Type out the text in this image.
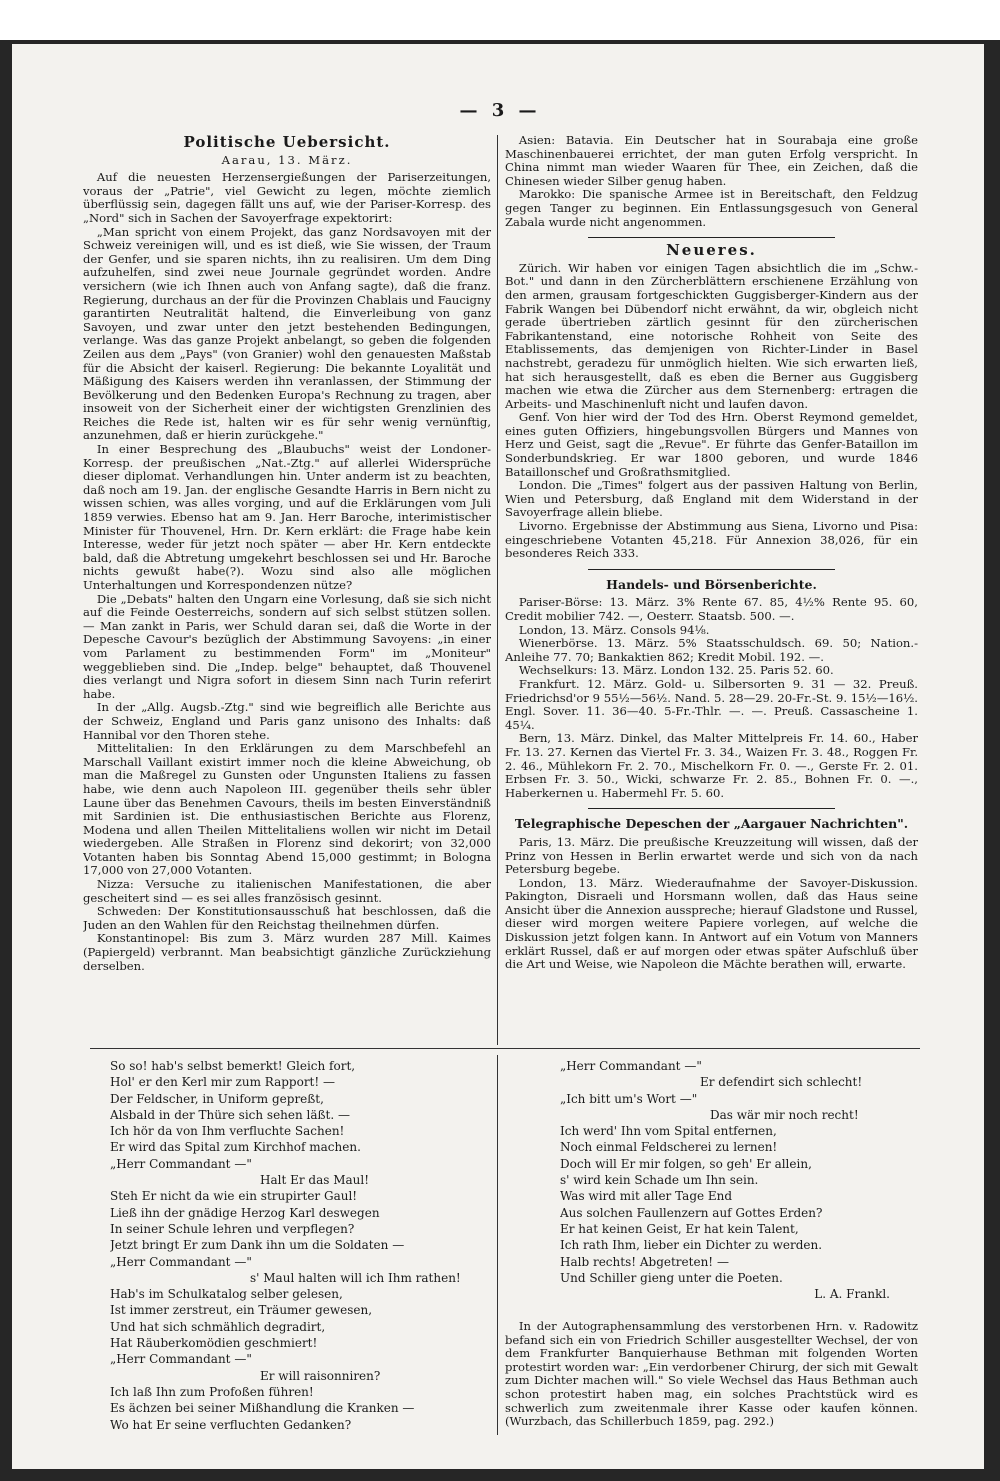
— 3 —
Politische Uebersicht.
Aarau, 13. März.

Auf die neuesten Herzensergießungen der Pariserzeitungen, voraus der „Patrie", viel Gewicht zu legen, möchte ziemlich überflüssig sein, dagegen fällt uns auf, wie der Pariser-Korresp. des „Nord" sich in Sachen der Savoyerfrage expektorirt:

„Man spricht von einem Projekt, das ganz Nordsavoyen mit der Schweiz vereinigen will, und es ist dieß, wie Sie wissen, der Traum der Genfer, und sie sparen nichts, ihn zu realisiren. Um dem Ding aufzuhelfen, sind zwei neue Journale gegründet worden. Andre versichern (wie ich Ihnen auch von Anfang sagte), daß die franz. Regierung, durchaus an der für die Provinzen Chablais und Faucigny garantirten Neutralität haltend, die Einverleibung von ganz Savoyen, und zwar unter den jetzt bestehenden Bedingungen, verlange. Was das ganze Projekt anbelangt, so geben die folgenden Zeilen aus dem „Pays" (von Granier) wohl den genauesten Maßstab für die Absicht der kaiserl. Regierung: Die bekannte Loyalität und Mäßigung des Kaisers werden ihn veranlassen, der Stimmung der Bevölkerung und den Bedenken Europa's Rechnung zu tragen, aber insoweit von der Sicherheit einer der wichtigsten Grenzlinien des Reiches die Rede ist, halten wir es für sehr wenig vernünftig, anzunehmen, daß er hierin zurückgehe."

In einer Besprechung des „Blaubuchs" weist der Londoner-Korresp. der preußischen „Nat.-Ztg." auf allerlei Widersprüche dieser diplomat. Verhandlungen hin. Unter anderm ist zu beachten, daß noch am 19. Jan. der englische Gesandte Harris in Bern nicht zu wissen schien, was alles vorging, und auf die Erklärungen vom Juli 1859 verwies. Ebenso hat am 9. Jan. Herr Baroche, interimistischer Minister für Thouvenel, Hrn. Dr. Kern erklärt: die Frage habe kein Interesse, weder für jetzt noch später — aber Hr. Kern entdeckte bald, daß die Abtretung umgekehrt beschlossen sei und Hr. Baroche nichts gewußt habe(?). Wozu sind also alle möglichen Unterhaltungen und Korrespondenzen nütze?

Die „Debats" halten den Ungarn eine Vorlesung, daß sie sich nicht auf die Feinde Oesterreichs, sondern auf sich selbst stützen sollen. — Man zankt in Paris, wer Schuld daran sei, daß die Worte in der Depesche Cavour's bezüglich der Abstimmung Savoyens: „in einer vom Parlament zu bestimmenden Form" im „Moniteur" weggeblieben sind. Die „Indep. belge" behauptet, daß Thouvenel dies verlangt und Nigra sofort in diesem Sinn nach Turin referirt habe.

In der „Allg. Augsb.-Ztg." sind wie begreiflich alle Berichte aus der Schweiz, England und Paris ganz unisono des Inhalts: daß Hannibal vor den Thoren stehe.

Mittelitalien: In den Erklärungen zu dem Marschbefehl an Marschall Vaillant existirt immer noch die kleine Abweichung, ob man die Maßregel zu Gunsten oder Ungunsten Italiens zu fassen habe, wie denn auch Napoleon III. gegenüber theils sehr übler Laune über das Benehmen Cavours, theils im besten Einverständniß mit Sardinien ist. Die enthusiastischen Berichte aus Florenz, Modena und allen Theilen Mittelitaliens wollen wir nicht im Detail wiedergeben. Alle Straßen in Florenz sind dekorirt; von 32,000 Votanten haben bis Sonntag Abend 15,000 gestimmt; in Bologna 17,000 von 27,000 Votanten.

Nizza: Versuche zu italienischen Manifestationen, die aber gescheitert sind — es sei alles französisch gesinnt.

Schweden: Der Konstitutionsausschuß hat beschlossen, daß die Juden an den Wahlen für den Reichstag theilnehmen dürfen.

Konstantinopel: Bis zum 3. März wurden 287 Mill. Kaimes (Papiergeld) verbrannt. Man beabsichtigt gänzliche Zurückziehung derselben.

Asien: Batavia. Ein Deutscher hat in Sourabaja eine große Maschinenbauerei errichtet, der man guten Erfolg verspricht. In China nimmt man wieder Waaren für Thee, ein Zeichen, daß die Chinesen wieder Silber genug haben.

Marokko: Die spanische Armee ist in Bereitschaft, den Feldzug gegen Tanger zu beginnen. Ein Entlassungsgesuch von General Zabala wurde nicht angenommen.

Neueres.

Zürich. Wir haben vor einigen Tagen absichtlich die im „Schw.-Bot." und dann in den Zürcherblättern erschienene Erzählung von den armen, grausam fortgeschickten Guggisberger-Kindern aus der Fabrik Wangen bei Dübendorf nicht erwähnt, da wir, obgleich nicht gerade übertrieben zärtlich gesinnt für den zürcherischen Fabrikantenstand, eine notorische Rohheit von Seite des Etablissements, das demjenigen von Richter-Linder in Basel nachstrebt, geradezu für unmöglich hielten. Wie sich erwarten ließ, hat sich herausgestellt, daß es eben die Berner aus Guggisberg machen wie etwa die Zürcher aus dem Sternenberg: ertragen die Arbeits- und Maschinenluft nicht und laufen davon.

Genf. Von hier wird der Tod des Hrn. Oberst Reymond gemeldet, eines guten Offiziers, hingebungsvollen Bürgers und Mannes von Herz und Geist, sagt die „Revue". Er führte das Genfer-Bataillon im Sonderbundskrieg. Er war 1800 geboren, und wurde 1846 Bataillonschef und Großrathsmitglied.

London. Die „Times" folgert aus der passiven Haltung von Berlin, Wien und Petersburg, daß England mit dem Widerstand in der Savoyerfrage allein bliebe.

Livorno. Ergebnisse der Abstimmung aus Siena, Livorno und Pisa: eingeschriebene Votanten 45,218. Für Annexion 38,026, für ein besonderes Reich 333.

Handels- und Börsenberichte.

Pariser-Börse: 13. März. 3% Rente 67. 85, 4½% Rente 95. 60, Credit mobilier 742. —, Oesterr. Staatsb. 500. —.

London, 13. März. Consols 94⅛.

Wienerbörse. 13. März. 5% Staatsschuldsch. 69. 50; Nation.-Anleihe 77. 70; Bankaktien 862; Kredit Mobil. 192. —.

Wechselkurs: 13. März. London 132. 25. Paris 52. 60.

Frankfurt. 12. März. Gold- u. Silbersorten 9. 31 — 32. Preuß. Friedrichsd'or 9 55½—56½. Nand. 5. 28—29. 20-Fr.-St. 9. 15½—16½. Engl. Sover. 11. 36—40. 5-Fr.-Thlr. —. —. Preuß. Cassascheine 1. 45¼.

Bern, 13. März. Dinkel, das Malter Mittelpreis Fr. 14. 60., Haber Fr. 13. 27. Kernen das Viertel Fr. 3. 34., Waizen Fr. 3. 48., Roggen Fr. 2. 46., Mühlekorn Fr. 2. 70., Mischelkorn Fr. 0. —., Gerste Fr. 2. 01. Erbsen Fr. 3. 50., Wicki, schwarze Fr. 2. 85., Bohnen Fr. 0. —., Haberkernen u. Habermehl Fr. 5. 60.

Telegraphische Depeschen der „Aargauer Nachrichten".

Paris, 13. März. Die preußische Kreuzzeitung will wissen, daß der Prinz von Hessen in Berlin erwartet werde und sich von da nach Petersburg begebe.

London, 13. März. Wiederaufnahme der Savoyer-Diskussion. Pakington, Disraeli und Horsmann wollen, daß das Haus seine Ansicht über die Annexion ausspreche; hierauf Gladstone und Russel, dieser wird morgen weitere Papiere vorlegen, auf welche die Diskussion jetzt folgen kann. In Antwort auf ein Votum von Manners erklärt Russel, daß er auf morgen oder etwas später Aufschluß über die Art und Weise, wie Napoleon die Mächte berathen will, erwarte.

So so! hab's selbst bemerkt! Gleich fort,
Hol' er den Kerl mir zum Rapport! —
Der Feldscher, in Uniform gepreßt,
Alsbald in der Thüre sich sehen läßt. —
Ich hör da von Ihm verfluchte Sachen!
Er wird das Spital zum Kirchhof machen.
„Herr Commandant —"
Halt Er das Maul!
Steh Er nicht da wie ein strupirter Gaul!
Ließ ihn der gnädige Herzog Karl deswegen
In seiner Schule lehren und verpflegen?
Jetzt bringt Er zum Dank ihn um die Soldaten —
„Herr Commandant —"
s' Maul halten will ich Ihm rathen!
Hab's im Schulkatalog selber gelesen,
Ist immer zerstreut, ein Träumer gewesen,
Und hat sich schmählich degradirt,
Hat Räuberkomödien geschmiert!
„Herr Commandant —"
Er will raisonniren?
Ich laß Ihn zum Profoßen führen!
Es ächzen bei seiner Mißhandlung die Kranken —
Wo hat Er seine verfluchten Gedanken?
„Herr Commandant —"
Er defendirt sich schlecht!
„Ich bitt um's Wort —"
Das wär mir noch recht!
Ich werd' Ihn vom Spital entfernen,
Noch einmal Feldscherei zu lernen!
Doch will Er mir folgen, so geh' Er allein,
s' wird kein Schade um Ihn sein.
Was wird mit aller Tage End
Aus solchen Faullenzern auf Gottes Erden?
Er hat keinen Geist, Er hat kein Talent,
Ich rath Ihm, lieber ein Dichter zu werden.
Halb rechts! Abgetreten! —
Und Schiller gieng unter die Poeten.
L. A. Frankl.

In der Autographensammlung des verstorbenen Hrn. v. Radowitz befand sich ein von Friedrich Schiller ausgestellter Wechsel, der von dem Frankfurter Banquierhause Bethman mit folgenden Worten protestirt worden war: „Ein verdorbener Chirurg, der sich mit Gewalt zum Dichter machen will." So viele Wechsel das Haus Bethman auch schon protestirt haben mag, ein solches Prachtstück wird es schwerlich zum zweitenmale ihrer Kasse oder kaufen können. (Wurzbach, das Schillerbuch 1859, pag. 292.)
